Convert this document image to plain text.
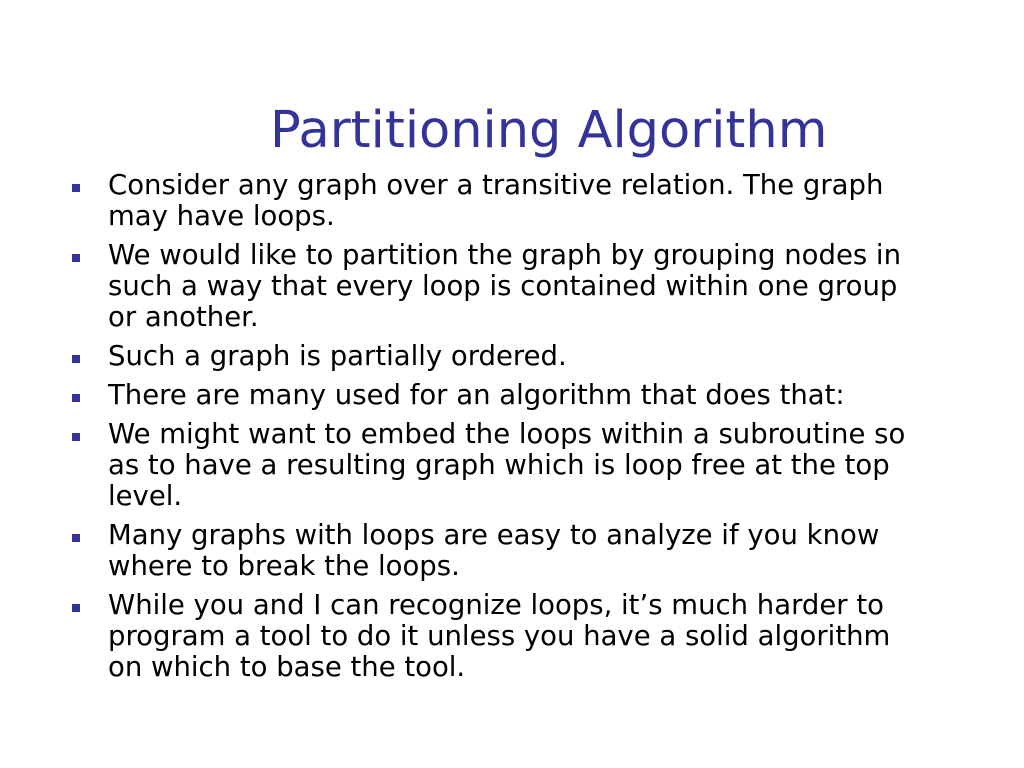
Partitioning Algorithm
Consider any graph over a transitive relation. The graph
may have loops.
We would like to partition the graph by grouping nodes in
such a way that every loop is contained within one group
or another.
Such a graph is partially ordered.
There are many used for an algorithm that does that:
We might want to embed the loops within a subroutine so
as to have a resulting graph which is loop free at the top
level.
Many graphs with loops are easy to analyze if you know
where to break the loops.
While you and I can recognize loops, it’s much harder to
program a tool to do it unless you have a solid algorithm
on which to base the tool.
